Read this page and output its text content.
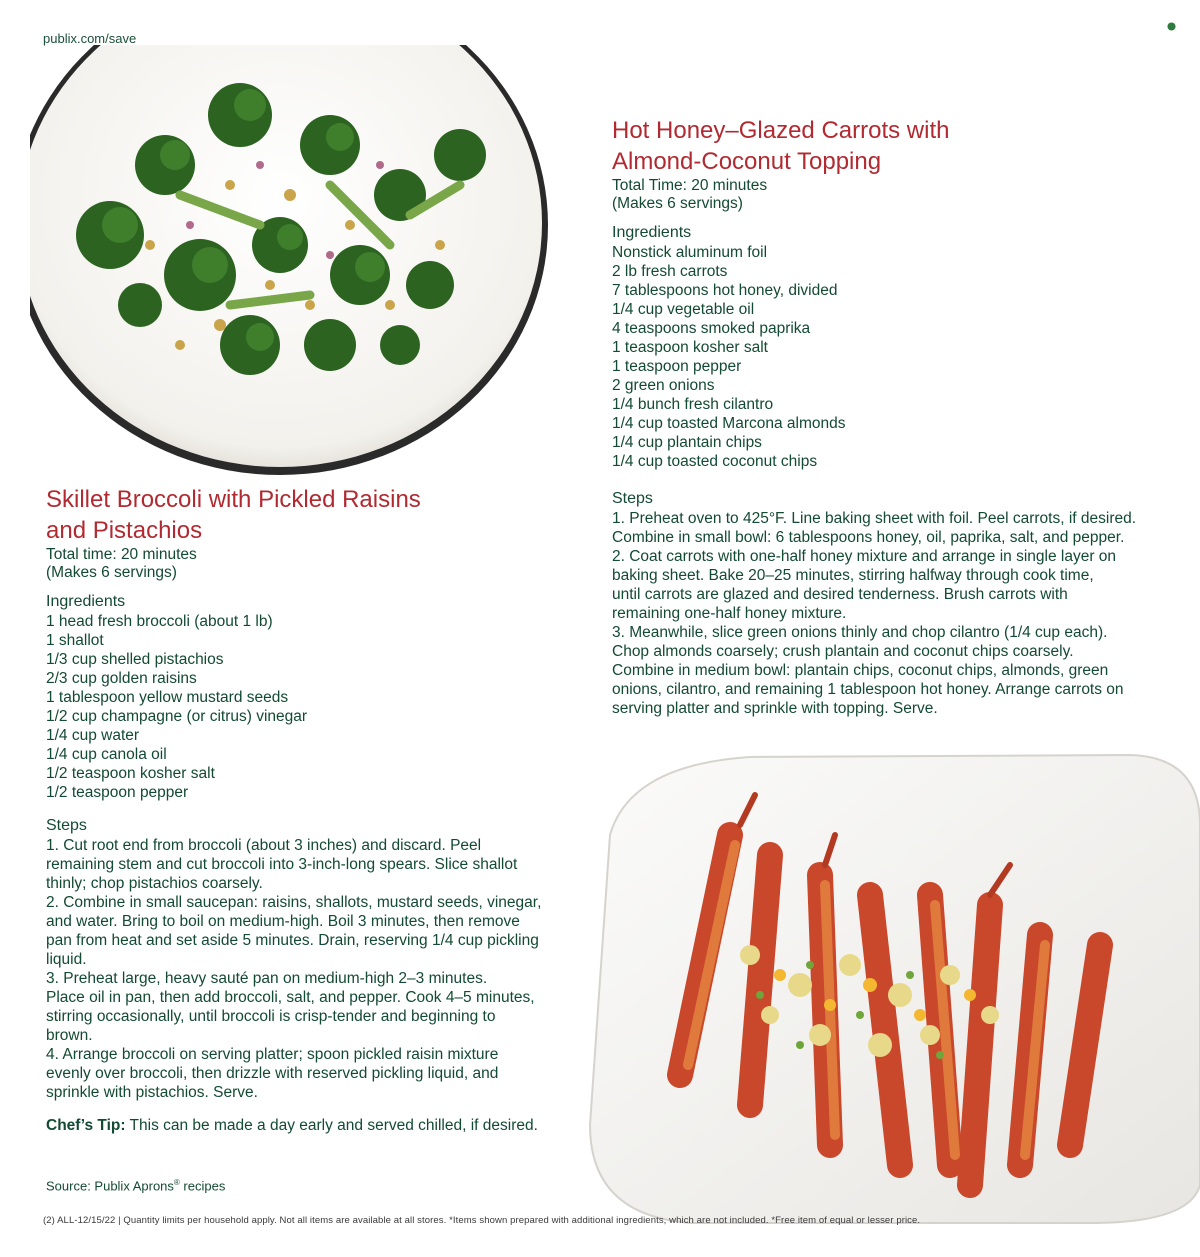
publix.com/save
Hot Honey–Glazed Carrots with
Almond-Coconut Topping
Total Time: 20 minutes
(Makes 6 servings)
Ingredients
Nonstick aluminum foil
2 lb fresh carrots
7 tablespoons hot honey, divided
1/4 cup vegetable oil
4 teaspoons smoked paprika
1 teaspoon kosher salt
1 teaspoon pepper
2 green onions
1/4 bunch fresh cilantro
1/4 cup toasted Marcona almonds
1/4 cup plantain chips
1/4 cup toasted coconut chips
Steps
1. Preheat oven to 425°F. Line baking sheet with foil. Peel carrots, if desired.
Combine in small bowl: 6 tablespoons honey, oil, paprika, salt, and pepper.
2. Coat carrots with one-half honey mixture and arrange in single layer on
baking sheet. Bake 20–25 minutes, stirring halfway through cook time,
until carrots are glazed and desired tenderness. Brush carrots with
remaining one-half honey mixture.
3. Meanwhile, slice green onions thinly and chop cilantro (1/4 cup each).
Chop almonds coarsely; crush plantain and coconut chips coarsely.
Combine in medium bowl: plantain chips, coconut chips, almonds, green
onions, cilantro, and remaining 1 tablespoon hot honey. Arrange carrots on
serving platter and sprinkle with topping. Serve.
Skillet Broccoli with Pickled Raisins
and Pistachios
Total time: 20 minutes
(Makes 6 servings)
Ingredients
1 head fresh broccoli (about 1 lb)
1 shallot
1/3 cup shelled pistachios
2/3 cup golden raisins
1 tablespoon yellow mustard seeds
1/2 cup champagne (or citrus) vinegar
1/4 cup water
1/4 cup canola oil
1/2 teaspoon kosher salt
1/2 teaspoon pepper
Steps
1. Cut root end from broccoli (about 3 inches) and discard. Peel
remaining stem and cut broccoli into 3-inch-long spears. Slice shallot
thinly; chop pistachios coarsely.
2. Combine in small saucepan: raisins, shallots, mustard seeds, vinegar,
and water. Bring to boil on medium-high. Boil 3 minutes, then remove
pan from heat and set aside 5 minutes. Drain, reserving 1/4 cup pickling
liquid.
3. Preheat large, heavy sauté pan on medium-high 2–3 minutes.
Place oil in pan, then add broccoli, salt, and pepper. Cook 4–5 minutes,
stirring occasionally, until broccoli is crisp-tender and beginning to
brown.
4. Arrange broccoli on serving platter; spoon pickled raisin mixture
evenly over broccoli, then drizzle with reserved pickling liquid, and
sprinkle with pistachios. Serve.
Chef’s Tip: This can be made a day early and served chilled, if desired.
Source: Publix Aprons® recipes
(2) ALL-12/15/22 | Quantity limits per household apply. Not all items are available at all stores. *Items shown prepared with additional ingredients, which are not included. *Free item of equal or lesser price.
